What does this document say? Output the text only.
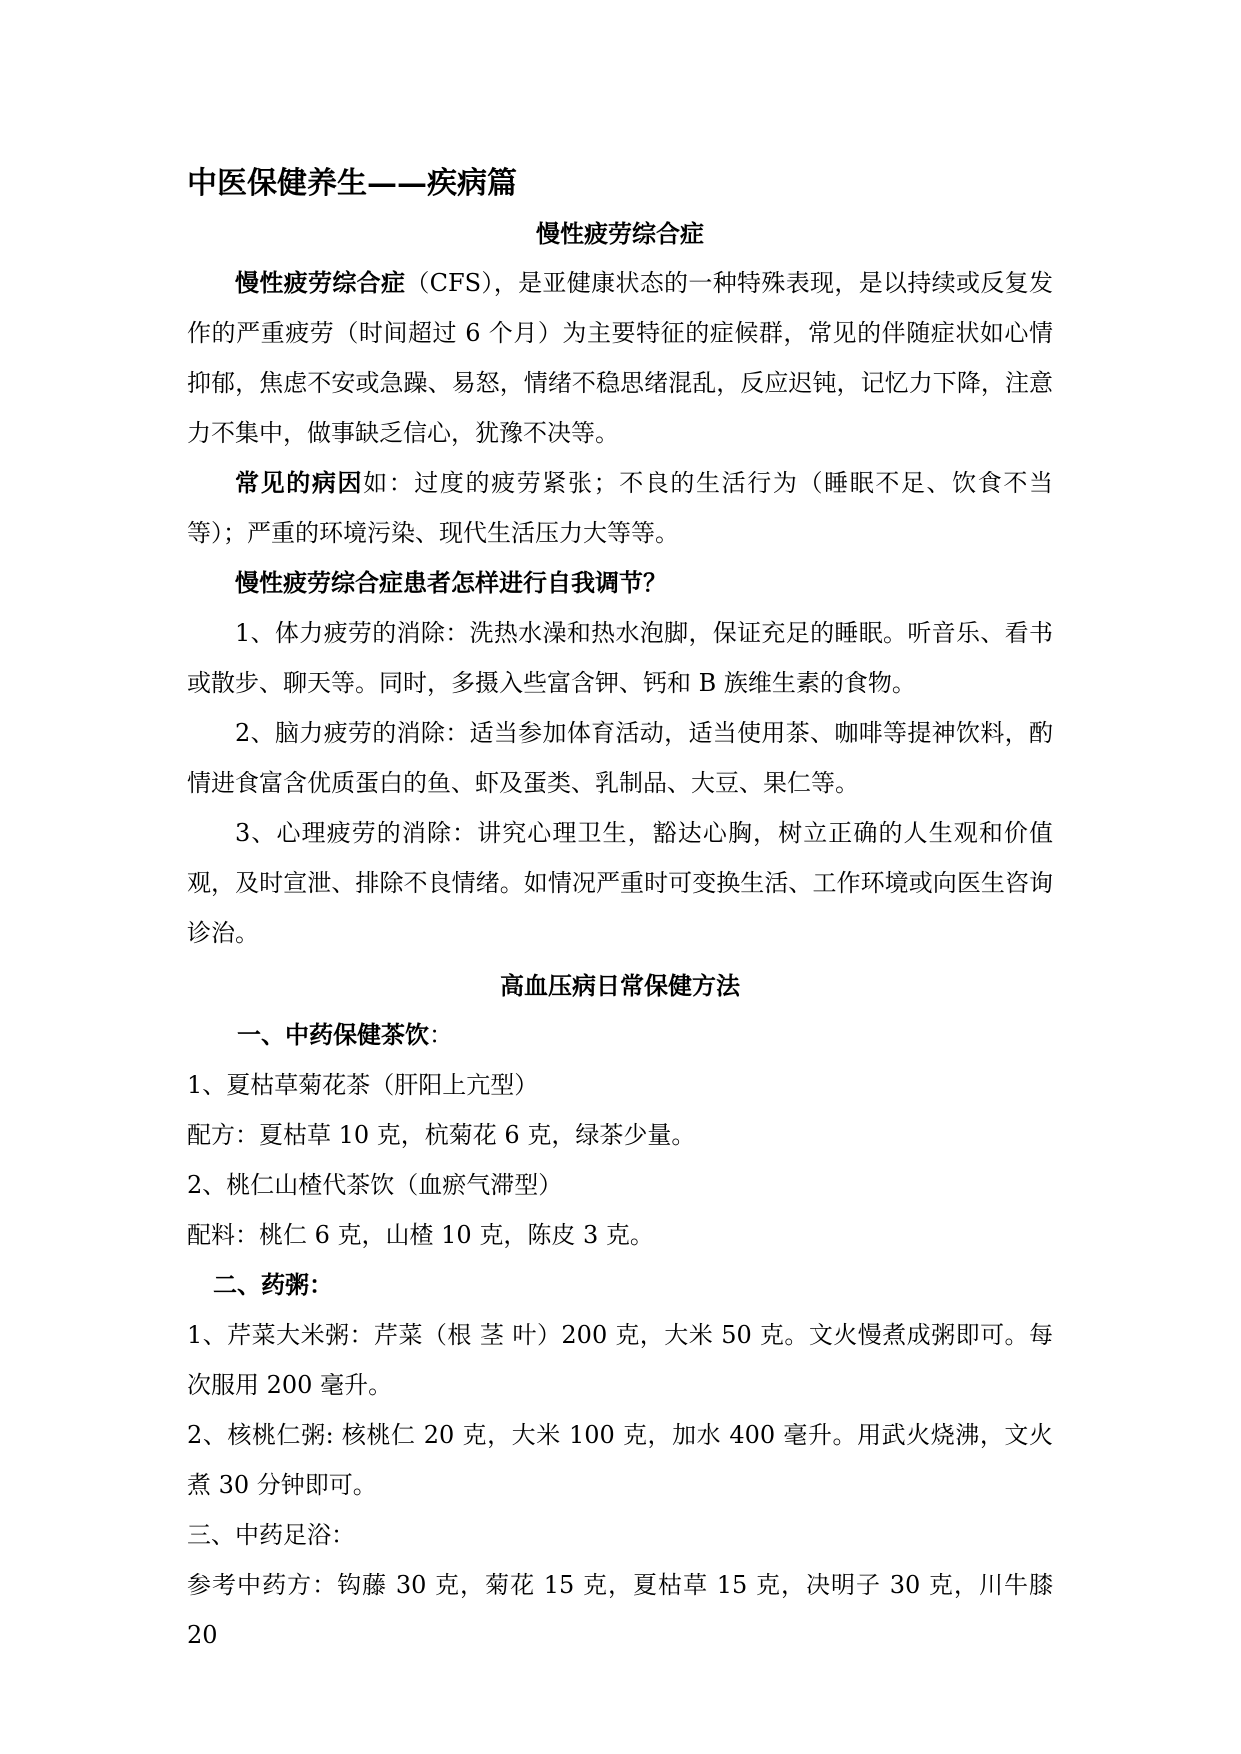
中医保健养生——疾病篇
慢性疲劳综合症

慢性疲劳综合症（CFS），是亚健康状态的一种特殊表现，是以持续或反复发作的严重疲劳（时间超过 6 个月）为主要特征的症候群，常见的伴随症状如心情抑郁，焦虑不安或急躁、易怒，情绪不稳思绪混乱，反应迟钝，记忆力下降，注意力不集中，做事缺乏信心，犹豫不决等。

常见的病因如：过度的疲劳紧张；不良的生活行为（睡眠不足、饮食不当等）；严重的环境污染、现代生活压力大等等。

慢性疲劳综合症患者怎样进行自我调节？

1、体力疲劳的消除：洗热水澡和热水泡脚，保证充足的睡眠。听音乐、看书或散步、聊天等。同时，多摄入些富含钾、钙和 B 族维生素的食物。

2、脑力疲劳的消除：适当参加体育活动，适当使用茶、咖啡等提神饮料，酌情进食富含优质蛋白的鱼、虾及蛋类、乳制品、大豆、果仁等。

3、心理疲劳的消除：讲究心理卫生，豁达心胸，树立正确的人生观和价值观，及时宣泄、排除不良情绪。如情况严重时可变换生活、工作环境或向医生咨询诊治。

高血压病日常保健方法

一、中药保健茶饮：

1、夏枯草菊花茶（肝阳上亢型）

配方：夏枯草 10 克，杭菊花 6 克，绿茶少量。

2、桃仁山楂代茶饮（血瘀气滞型）

配料：桃仁 6 克，山楂 10 克，陈皮 3 克。

二、药粥：

1、芹菜大米粥：芹菜（根 茎 叶）200 克，大米 50 克。文火慢煮成粥即可。每次服用 200 毫升。

2、核桃仁粥: 核桃仁 20 克，大米 100 克，加水 400 毫升。用武火烧沸，文火煮 30 分钟即可。

三、中药足浴：

参考中药方：钩藤 30 克，菊花 15 克，夏枯草 15 克，决明子 30 克，川牛膝 20
